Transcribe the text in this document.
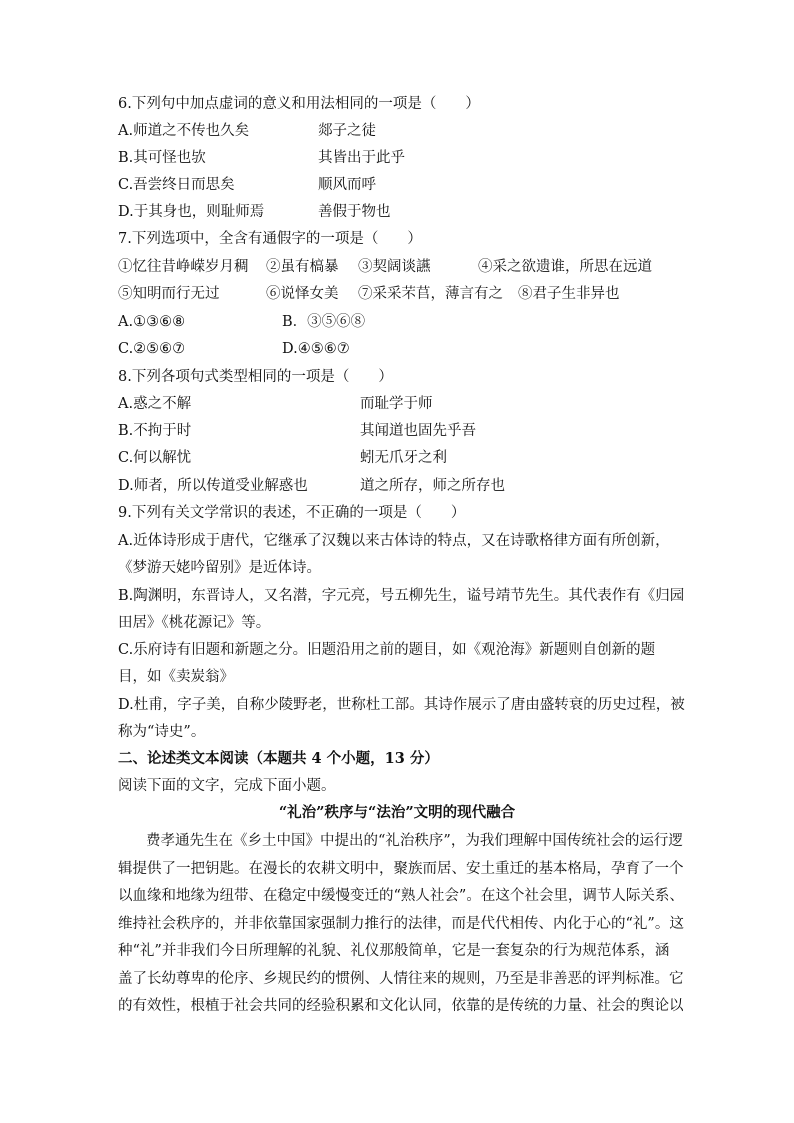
6.下列句中加点虚词的意义和用法相同的一项是（　　）
A.师道之不传也久矣	郯子之徒
B.其可怪也欤	其皆出于此乎
C.吾尝终日而思矣	顺风而呼
D.于其身也，则耻师焉	善假于物也
7.下列选项中，全含有通假字的一项是（　　）
①忆往昔峥嵘岁月稠 ②虽有槁暴 ③契阔谈讌	④采之欲遗谁，所思在远道
⑤知明而行无过	⑥说怿女美 ⑦采采芣苢，薄言有之 ⑧君子生非异也
A.①③⑥⑧	B．③⑤⑥⑧
C.②⑤⑥⑦	D.④⑤⑥⑦
8.下列各项句式类型相同的一项是（　　）
A.惑之不解	而耻学于师
B.不拘于时	其闻道也固先乎吾
C.何以解忧	蚓无爪牙之利
D.师者，所以传道受业解惑也	道之所存，师之所存也
9.下列有关文学常识的表述，不正确的一项是（　　）
A.近体诗形成于唐代，它继承了汉魏以来古体诗的特点，又在诗歌格律方面有所创新，
《梦游天姥吟留别》是近体诗。
B.陶渊明，东晋诗人，又名潜，字元亮，号五柳先生，谥号靖节先生。其代表作有《归园
田居》《桃花源记》等。
C.乐府诗有旧题和新题之分。旧题沿用之前的题目，如《观沧海》新题则自创新的题
目，如《卖炭翁》
D.杜甫，字子美，自称少陵野老，世称杜工部。其诗作展示了唐由盛转衰的历史过程，被
称为“诗史”。
二、论述类文本阅读（本题共 4 个小题，13 分）
阅读下面的文字，完成下面小题。
“礼治”秩序与“法治”文明的现代融合
费孝通先生在《乡土中国》中提出的“礼治秩序”，为我们理解中国传统社会的运行逻
辑提供了一把钥匙。在漫长的农耕文明中，聚族而居、安土重迁的基本格局，孕育了一个
以血缘和地缘为纽带、在稳定中缓慢变迁的“熟人社会”。在这个社会里，调节人际关系、
维持社会秩序的，并非依靠国家强制力推行的法律，而是代代相传、内化于心的“礼”。这
种“礼”并非我们今日所理解的礼貌、礼仪那般简单，它是一套复杂的行为规范体系，涵
盖了长幼尊卑的伦序、乡规民约的惯例、人情往来的规则，乃至是非善恶的评判标准。它
的有效性，根植于社会共同的经验积累和文化认同，依靠的是传统的力量、社会的舆论以
